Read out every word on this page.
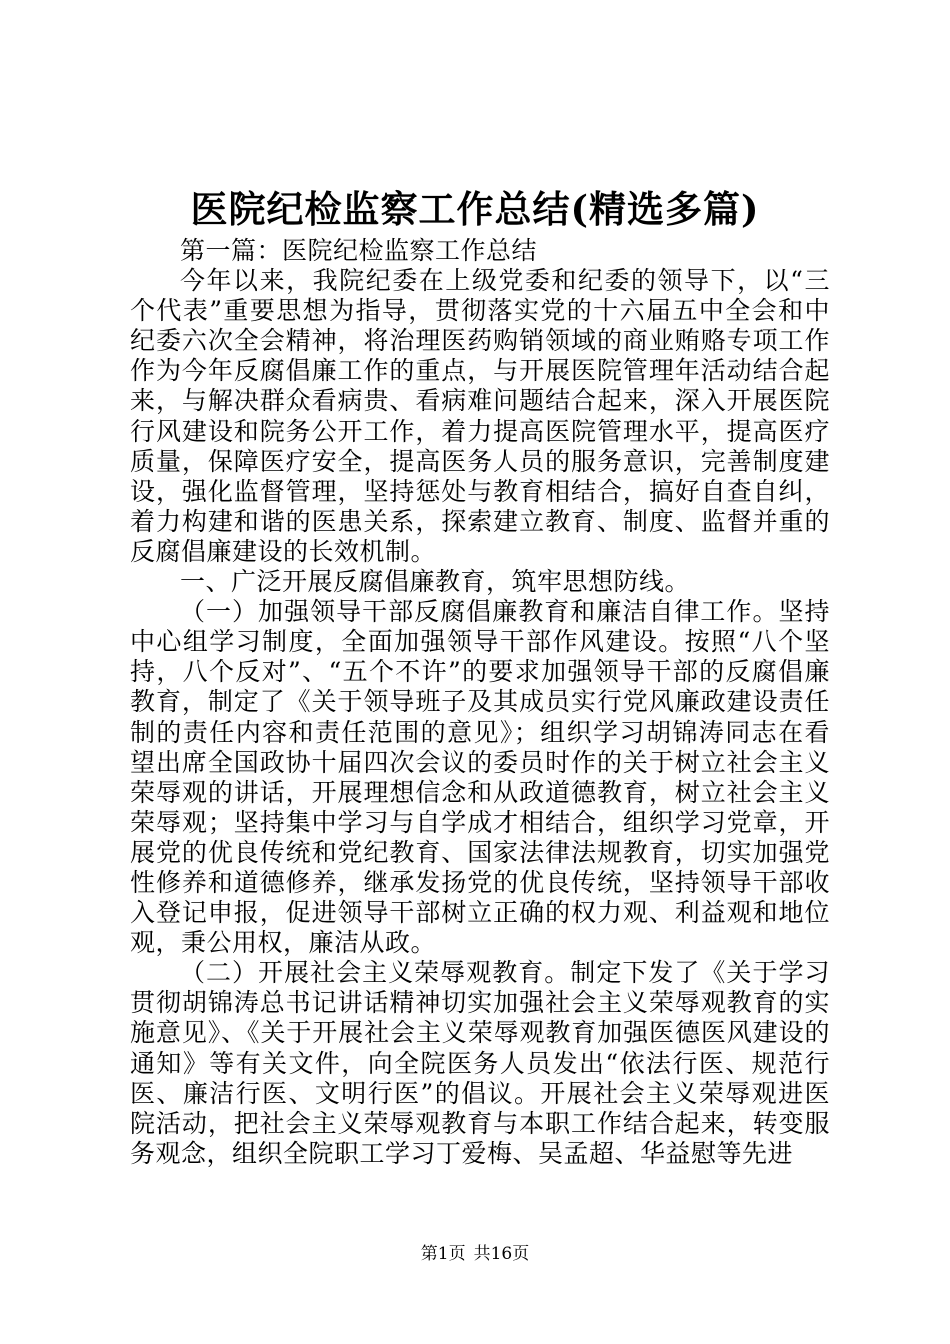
医院纪检监察工作总结(精选多篇)

第一篇：医院纪检监察工作总结

今年以来，我院纪委在上级党委和纪委的领导下，以“三个代表”重要思想为指导，贯彻落实党的十六届五中全会和中纪委六次全会精神，将治理医药购销领域的商业贿赂专项工作作为今年反腐倡廉工作的重点，与开展医院管理年活动结合起来，与解决群众看病贵、看病难问题结合起来，深入开展医院行风建设和院务公开工作，着力提高医院管理水平，提高医疗质量，保障医疗安全，提高医务人员的服务意识，完善制度建设，强化监督管理，坚持惩处与教育相结合，搞好自查自纠，着力构建和谐的医患关系，探索建立教育、制度、监督并重的反腐倡廉建设的长效机制。

一、广泛开展反腐倡廉教育，筑牢思想防线。

（一）加强领导干部反腐倡廉教育和廉洁自律工作。坚持中心组学习制度，全面加强领导干部作风建设。按照“八个坚持，八个反对”、“五个不许”的要求加强领导干部的反腐倡廉教育，制定了《关于领导班子及其成员实行党风廉政建设责任制的责任内容和责任范围的意见》；组织学习胡锦涛同志在看望出席全国政协十届四次会议的委员时作的关于树立社会主义荣辱观的讲话，开展理想信念和从政道德教育，树立社会主义荣辱观；坚持集中学习与自学成才相结合，组织学习党章，开展党的优良传统和党纪教育、国家法律法规教育，切实加强党性修养和道德修养，继承发扬党的优良传统，坚持领导干部收入登记申报，促进领导干部树立正确的权力观、利益观和地位观，秉公用权，廉洁从政。

（二）开展社会主义荣辱观教育。制定下发了《关于学习贯彻胡锦涛总书记讲话精神切实加强社会主义荣辱观教育的实施意见》、《关于开展社会主义荣辱观教育加强医德医风建设的通知》等有关文件，向全院医务人员发出“依法行医、规范行医、廉洁行医、文明行医”的倡议。开展社会主义荣辱观进医院活动，把社会主义荣辱观教育与本职工作结合起来，转变服务观念，组织全院职工学习丁爱梅、吴孟超、华益慰等先进

第1页 共16页
